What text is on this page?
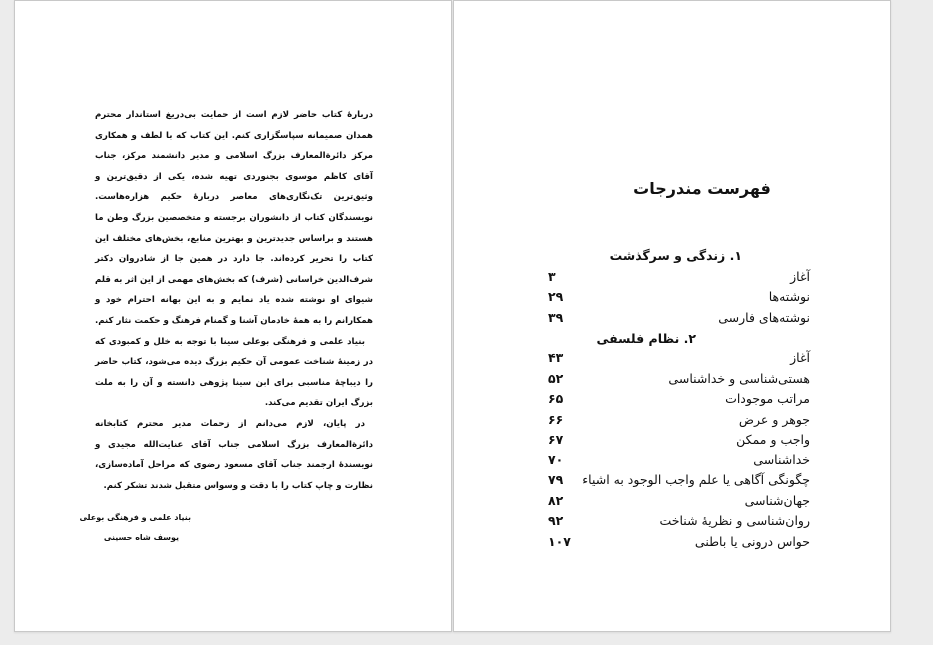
دربارۀ کتاب حاضر لازم است از حمایت بی‌دریغ استاندار محترم همدان صمیمانه سپاسگزاری کنم. این کتاب که با لطف و همکاری مرکز دائرةالمعارف بزرگ اسلامی و مدیر دانشمند مرکز، جناب آقای کاظم موسوی بجنوردی تهیه شده، یکی از دقیق‌ترین و وثیق‌ترین تک‌نگاری‌های معاصر دربارۀ حکیم هزاره‌هاست. نویسندگان کتاب از دانشوران برجسته و متخصصین بزرگ وطن ما هستند و براساس جدیدترین و بهترین منابع، بخش‌های مختلف این کتاب را تحریر کرده‌اند. جا دارد در همین جا از شادروان دکتر شرف‌الدین خراسانی (شرف) که بخش‌های مهمی از این اثر به قلم شیوای او نوشته شده یاد نمایم و به این بهانه احترام خود و همکارانم را به همۀ خادمان آشنا و گمنام فرهنگ و حکمت نثار کنم.

بنیاد علمی و فرهنگی بوعلی سینا با توجه به خلل و کمبودی که در زمینۀ شناخت عمومی آن حکیم بزرگ دیده می‌شود، کتاب حاضر را دیباچۀ مناسبی برای ابن سینا پژوهی دانسته و آن را به ملت بزرگ ایران تقدیم می‌کند.

در پایان، لازم می‌دانم از زحمات مدیر محترم کتابخانه دائرةالمعارف بزرگ اسلامی جناب آقای عنایت‌الله مجیدی و نویسندۀ ارجمند جناب آقای مسعود رضوی که مراحل آماده‌سازی، نظارت و چاپ کتاب را با دقت و وسواس متقبل شدند تشکر کنم.

بنیاد علمی و فرهنگی بوعلی
یوسف شاه حسینی
فهرست مندرجات
۱. زندگی و سرگذشت
۲. نظام فلسفی
آغاز
۳
نوشته‌ها
۲۹
نوشته‌های فارسی
۳۹
آغاز
۴۳
هستی‌شناسی و خداشناسی
۵۲
مراتب موجودات
۶۵
جوهر و عرض
۶۶
واجب و ممکن
۶۷
خداشناسی
۷۰
چگونگی آگاهی یا علم واجب الوجود به اشیاء
۷۹
جهان‌شناسی
۸۲
روان‌شناسی و نظریۀ شناخت
۹۲
حواس درونی یا باطنی
۱۰۷
